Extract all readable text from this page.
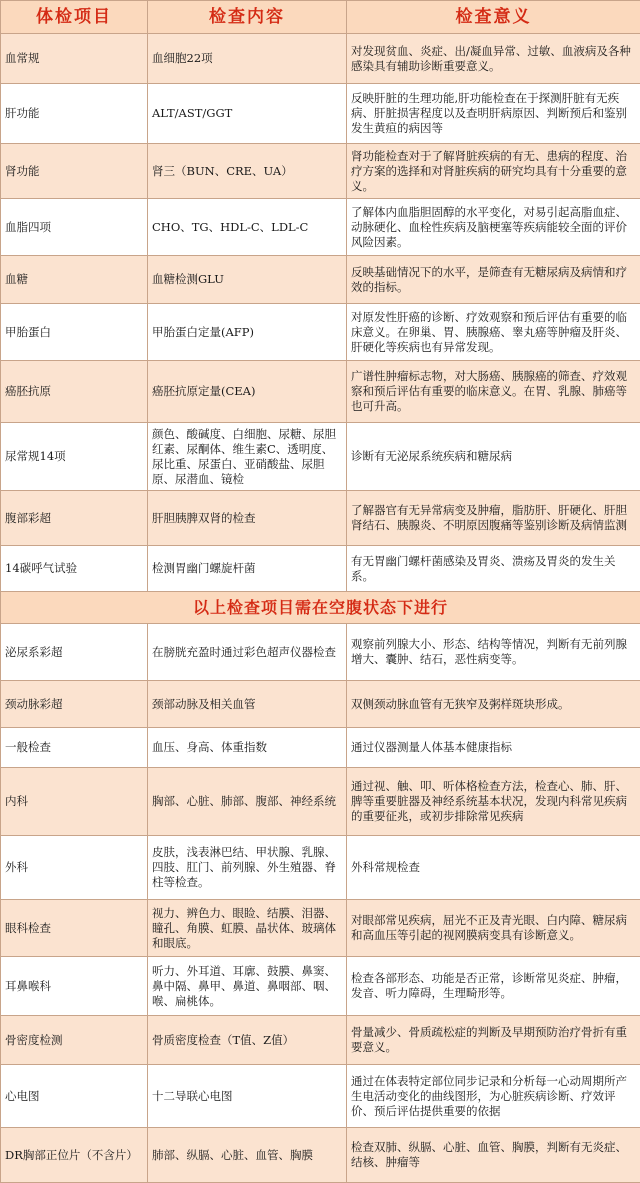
体检项目	检查内容	检查意义
血常规	血细胞22项	对发现贫血、炎症、出/凝血异常、过敏、血液病及各种感染具有辅助诊断重要意义。
肝功能	ALT/AST/GGT	反映肝脏的生理功能,肝功能检查在于探测肝脏有无疾病、肝脏损害程度以及查明肝病原因、判断预后和鉴别发生黄疸的病因等
肾功能	肾三（BUN、CRE、UA）	肾功能检查对于了解肾脏疾病的有无、患病的程度、治疗方案的选择和对肾脏疾病的研究均具有十分重要的意义。
血脂四项	CHO、TG、HDL-C、LDL-C	了解体内血脂胆固醇的水平变化，对易引起高脂血症、动脉硬化、血栓性疾病及脑梗塞等疾病能较全面的评价风险因素。
血糖	血糖检测GLU	反映基础情况下的水平，是筛查有无糖尿病及病情和疗效的指标。
甲胎蛋白	甲胎蛋白定量(AFP)	对原发性肝癌的诊断、疗效观察和预后评估有重要的临床意义。在卵巢、胃、胰腺癌、睾丸癌等肿瘤及肝炎、肝硬化等疾病也有异常发现。
癌胚抗原	癌胚抗原定量(CEA)	广谱性肿瘤标志物，对大肠癌、胰腺癌的筛查、疗效观察和预后评估有重要的临床意义。在胃、乳腺、肺癌等也可升高。
尿常规14项	颜色、酸碱度、白细胞、尿糖、尿胆红素、尿酮体、维生素C、透明度、尿比重、尿蛋白、亚硝酸盐、尿胆原、尿潜血、镜检	诊断有无泌尿系统疾病和糖尿病
腹部彩超	肝胆胰脾双肾的检查	了解器官有无异常病变及肿瘤，脂肪肝、肝硬化、肝胆肾结石、胰腺炎、不明原因腹痛等鉴别诊断及病情监测
14碳呼气试验	检测胃幽门螺旋杆菌	有无胃幽门螺杆菌感染及胃炎、溃疡及胃炎的发生关系。
以上检查项目需在空腹状态下进行		
泌尿系彩超	在膀胱充盈时通过彩色超声仪器检查	观察前列腺大小、形态、结构等情况，判断有无前列腺增大、囊肿、结石，恶性病变等。
颈动脉彩超	颈部动脉及相关血管	双侧颈动脉血管有无狭窄及粥样斑块形成。
一般检查	血压、身高、体重指数	通过仪器测量人体基本健康指标
内科	胸部、心脏、肺部、腹部、神经系统	通过视、触、叩、听体格检查方法，检查心、肺、肝、脾等重要脏器及神经系统基本状况，发现内科常见疾病的重要征兆，或初步排除常见疾病
外科	皮肤，浅表淋巴结、甲状腺、乳腺、四肢、肛门、前列腺、外生殖器、脊柱等检查。	外科常规检查
眼科检查	视力、辨色力、眼睑、结膜、泪器、瞳孔、角膜、虹膜、晶状体、玻璃体和眼底。	对眼部常见疾病，屈光不正及青光眼、白内障、糖尿病和高血压等引起的视网膜病变具有诊断意义。
耳鼻喉科	听力、外耳道、耳廓、鼓膜、鼻窦、鼻中隔、鼻甲、鼻道、鼻咽部、咽、喉、扁桃体。	检查各部形态、功能是否正常，诊断常见炎症、肿瘤，发音、听力障碍，生理畸形等。
骨密度检测	骨质密度检查（T值、Z值）	骨量减少、骨质疏松症的判断及早期预防治疗骨折有重要意义。
心电图	十二导联心电图	通过在体表特定部位同步记录和分析每一心动周期所产生电活动变化的曲线图形，为心脏疾病诊断、疗效评价、预后评估提供重要的依据
DR胸部正位片（不含片）	肺部、纵膈、心脏、血管、胸膜	检查双肺、纵膈、心脏、血管、胸膜，判断有无炎症、结核、肿瘤等
